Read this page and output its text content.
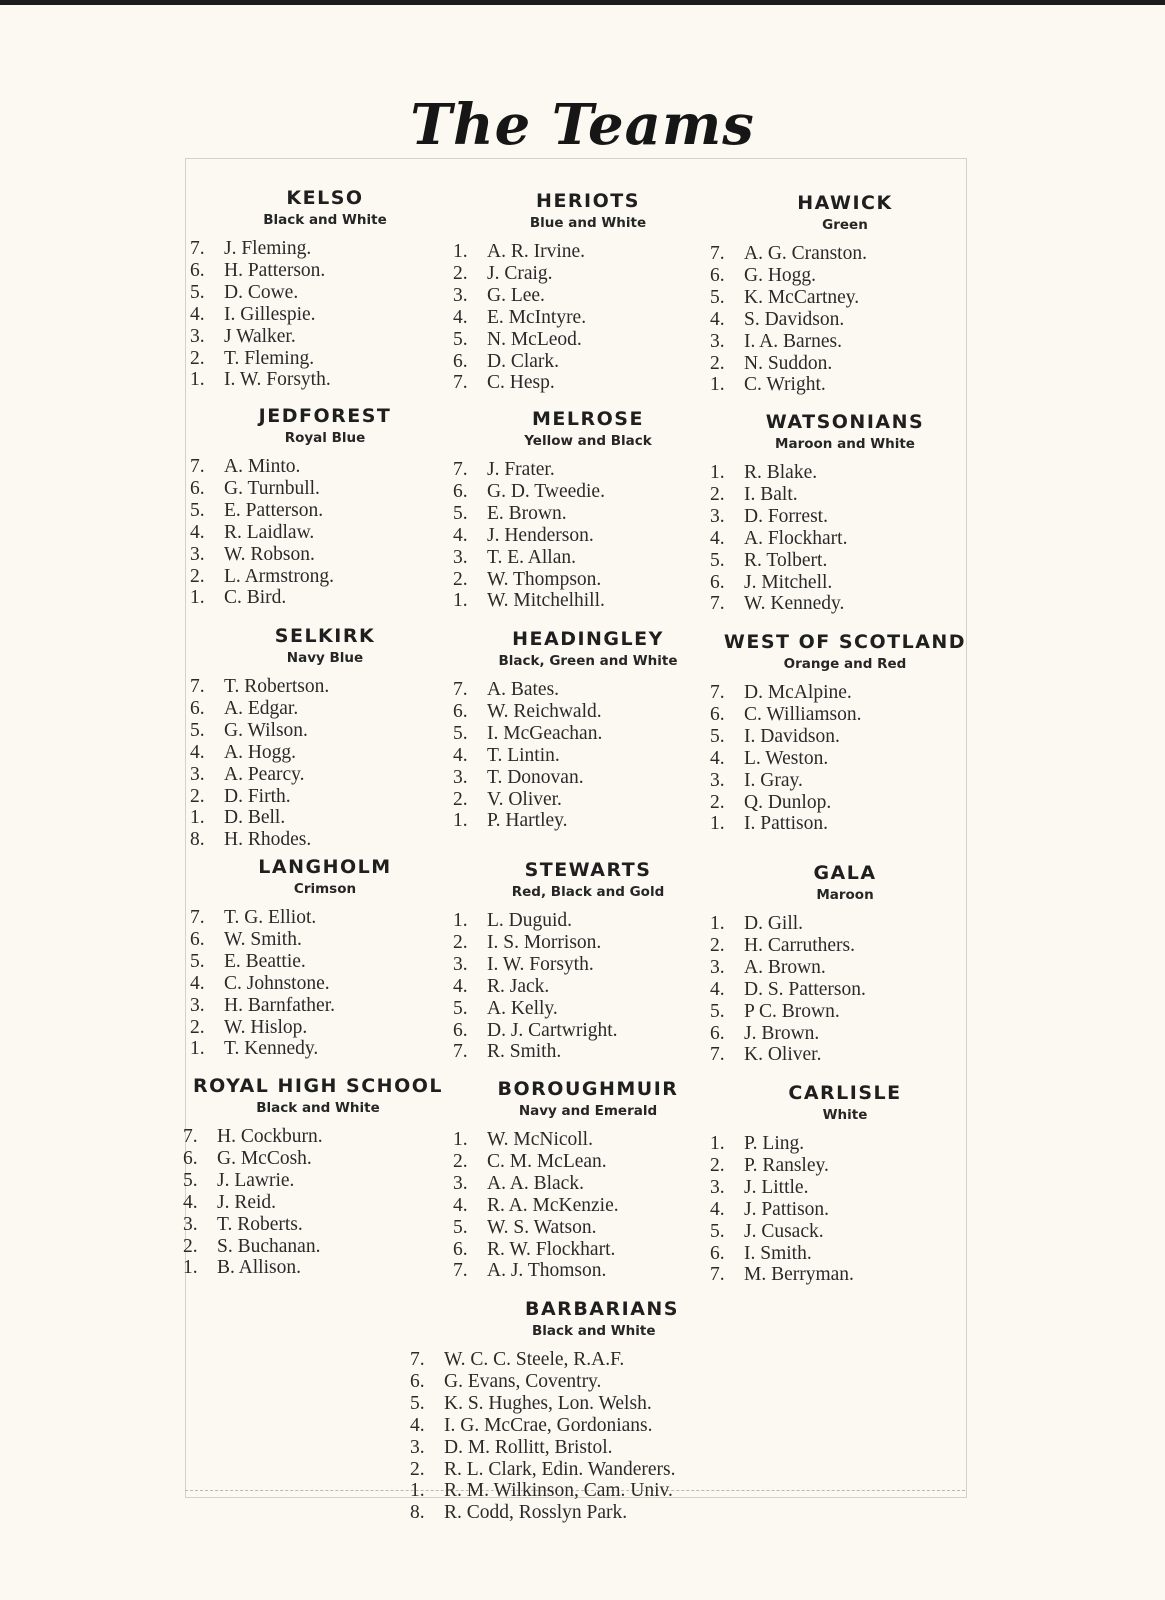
The Teams
KELSO
Black and White
7. J. Fleming.
6. H. Patterson.
5. D. Cowe.
4. I. Gillespie.
3. J Walker.
2. T. Fleming.
1. I. W. Forsyth.
HERIOTS
Blue and White
1. A. R. Irvine.
2. J. Craig.
3. G. Lee.
4. E. McIntyre.
5. N. McLeod.
6. D. Clark.
7. C. Hesp.
HAWICK
Green
7. A. G. Cranston.
6. G. Hogg.
5. K. McCartney.
4. S. Davidson.
3. I. A. Barnes.
2. N. Suddon.
1. C. Wright.
JEDFOREST
Royal Blue
7. A. Minto.
6. G. Turnbull.
5. E. Patterson.
4. R. Laidlaw.
3. W. Robson.
2. L. Armstrong.
1. C. Bird.
MELROSE
Yellow and Black
7. J. Frater.
6. G. D. Tweedie.
5. E. Brown.
4. J. Henderson.
3. T. E. Allan.
2. W. Thompson.
1. W. Mitchelhill.
WATSONIANS
Maroon and White
1. R. Blake.
2. I. Balt.
3. D. Forrest.
4. A. Flockhart.
5. R. Tolbert.
6. J. Mitchell.
7. W. Kennedy.
SELKIRK
Navy Blue
7. T. Robertson.
6. A. Edgar.
5. G. Wilson.
4. A. Hogg.
3. A. Pearcy.
2. D. Firth.
1. D. Bell.
8. H. Rhodes.
HEADINGLEY
Black, Green and White
7. A. Bates.
6. W. Reichwald.
5. I. McGeachan.
4. T. Lintin.
3. T. Donovan.
2. V. Oliver.
1. P. Hartley.
WEST OF SCOTLAND
Orange and Red
7. D. McAlpine.
6. C. Williamson.
5. I. Davidson.
4. L. Weston.
3. I. Gray.
2. Q. Dunlop.
1. I. Pattison.
LANGHOLM
Crimson
7. T. G. Elliot.
6. W. Smith.
5. E. Beattie.
4. C. Johnstone.
3. H. Barnfather.
2. W. Hislop.
1. T. Kennedy.
STEWARTS
Red, Black and Gold
1. L. Duguid.
2. I. S. Morrison.
3. I. W. Forsyth.
4. R. Jack.
5. A. Kelly.
6. D. J. Cartwright.
7. R. Smith.
GALA
Maroon
1. D. Gill.
2. H. Carruthers.
3. A. Brown.
4. D. S. Patterson.
5. P C. Brown.
6. J. Brown.
7. K. Oliver.
ROYAL HIGH SCHOOL
Black and White
7. H. Cockburn.
6. G. McCosh.
5. J. Lawrie.
4. J. Reid.
3. T. Roberts.
2. S. Buchanan.
1. B. Allison.
BOROUGHMUIR
Navy and Emerald
1. W. McNicoll.
2. C. M. McLean.
3. A. A. Black.
4. R. A. McKenzie.
5. W. S. Watson.
6. R. W. Flockhart.
7. A. J. Thomson.
CARLISLE
White
1. P. Ling.
2. P. Ransley.
3. J. Little.
4. J. Pattison.
5. J. Cusack.
6. I. Smith.
7. M. Berryman.
BARBARIANS
Black and White
7. W. C. C. Steele, R.A.F.
6. G. Evans, Coventry.
5. K. S. Hughes, Lon. Welsh.
4. I. G. McCrae, Gordonians.
3. D. M. Rollitt, Bristol.
2. R. L. Clark, Edin. Wanderers.
1. R. M. Wilkinson, Cam. Univ.
8. R. Codd, Rosslyn Park.
